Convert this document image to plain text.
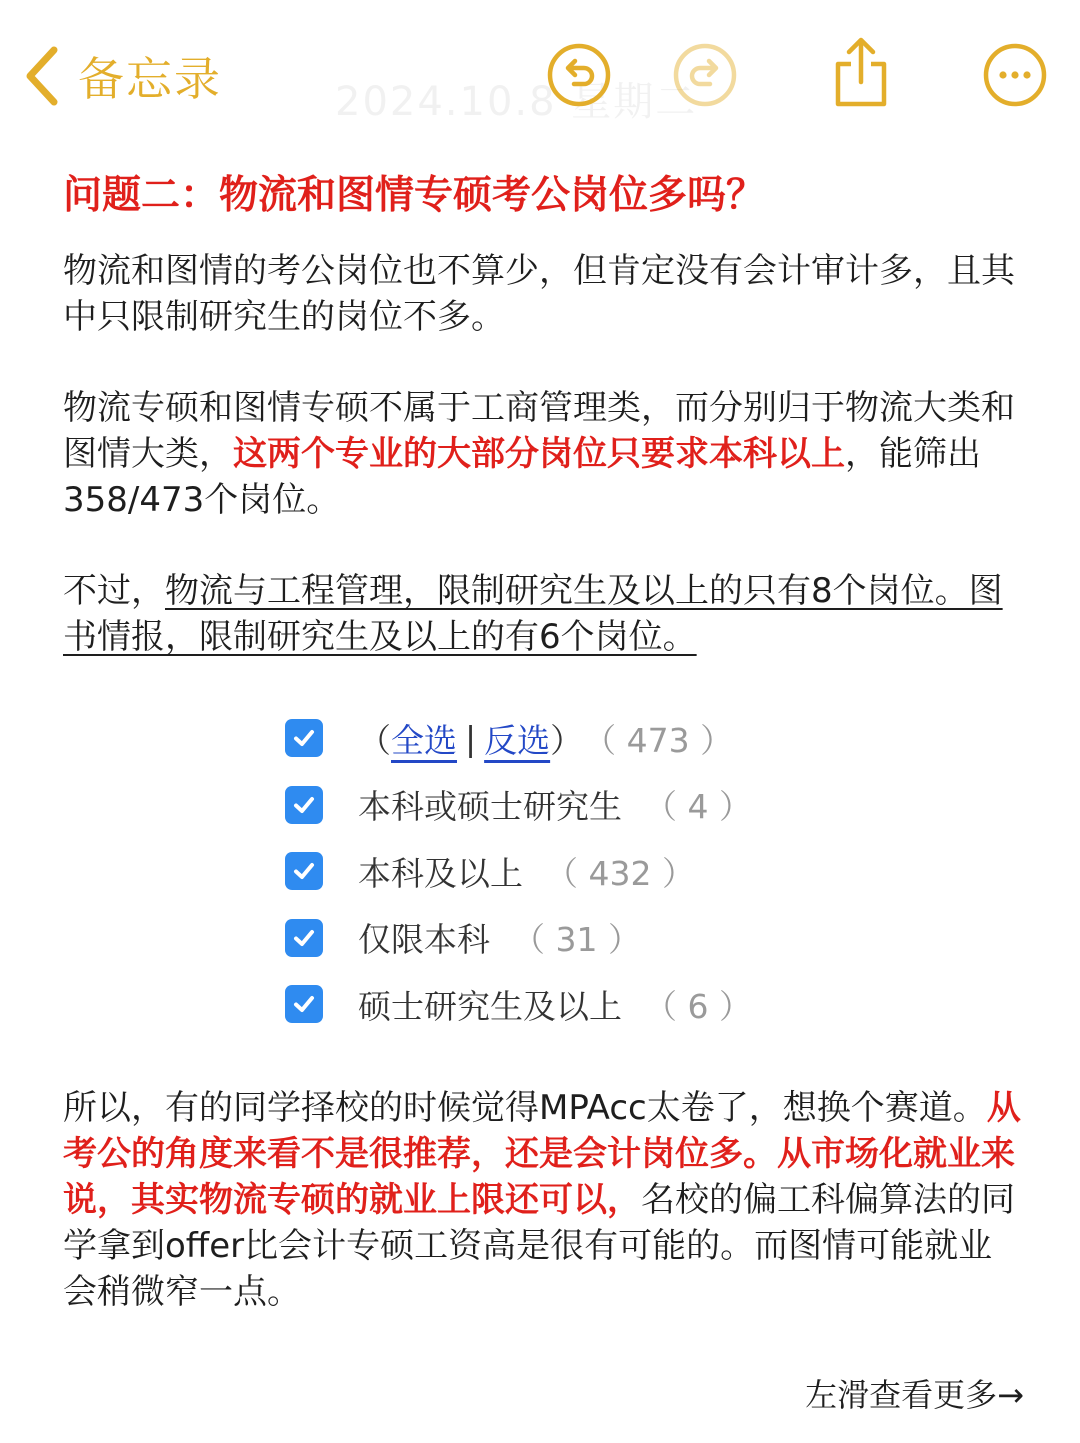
备忘录	2024.10.8 星期二
问题二：物流和图情专硕考公岗位多吗？

物流和图情的考公岗位也不算少，但肯定没有会计审计多，且其中只限制研究生的岗位不多。

物流专硕和图情专硕不属于工商管理类，而分别归于物流大类和图情大类，这两个专业的大部分岗位只要求本科以上，能筛出358/473个岗位。

不过，物流与工程管理，限制研究生及以上的只有8个岗位。图书情报，限制研究生及以上的有6个岗位。

所以，有的同学择校的时候觉得MPAcc太卷了，想换个赛道。从考公的角度来看不是很推荐，还是会计岗位多。从市场化就业来说，其实物流专硕的就业上限还可以，名校的偏工科偏算法的同学拿到offer比会计专硕工资高是很有可能的。而图情可能就业会稍微窄一点。

（ 全选 | 反选 ） （ 473 ）
本科或硕士研究生 （ 4 ）
本科及以上 （ 432 ）
仅限本科 （ 31 ）
硕士研究生及以上 （ 6 ）
左滑查看更多→
